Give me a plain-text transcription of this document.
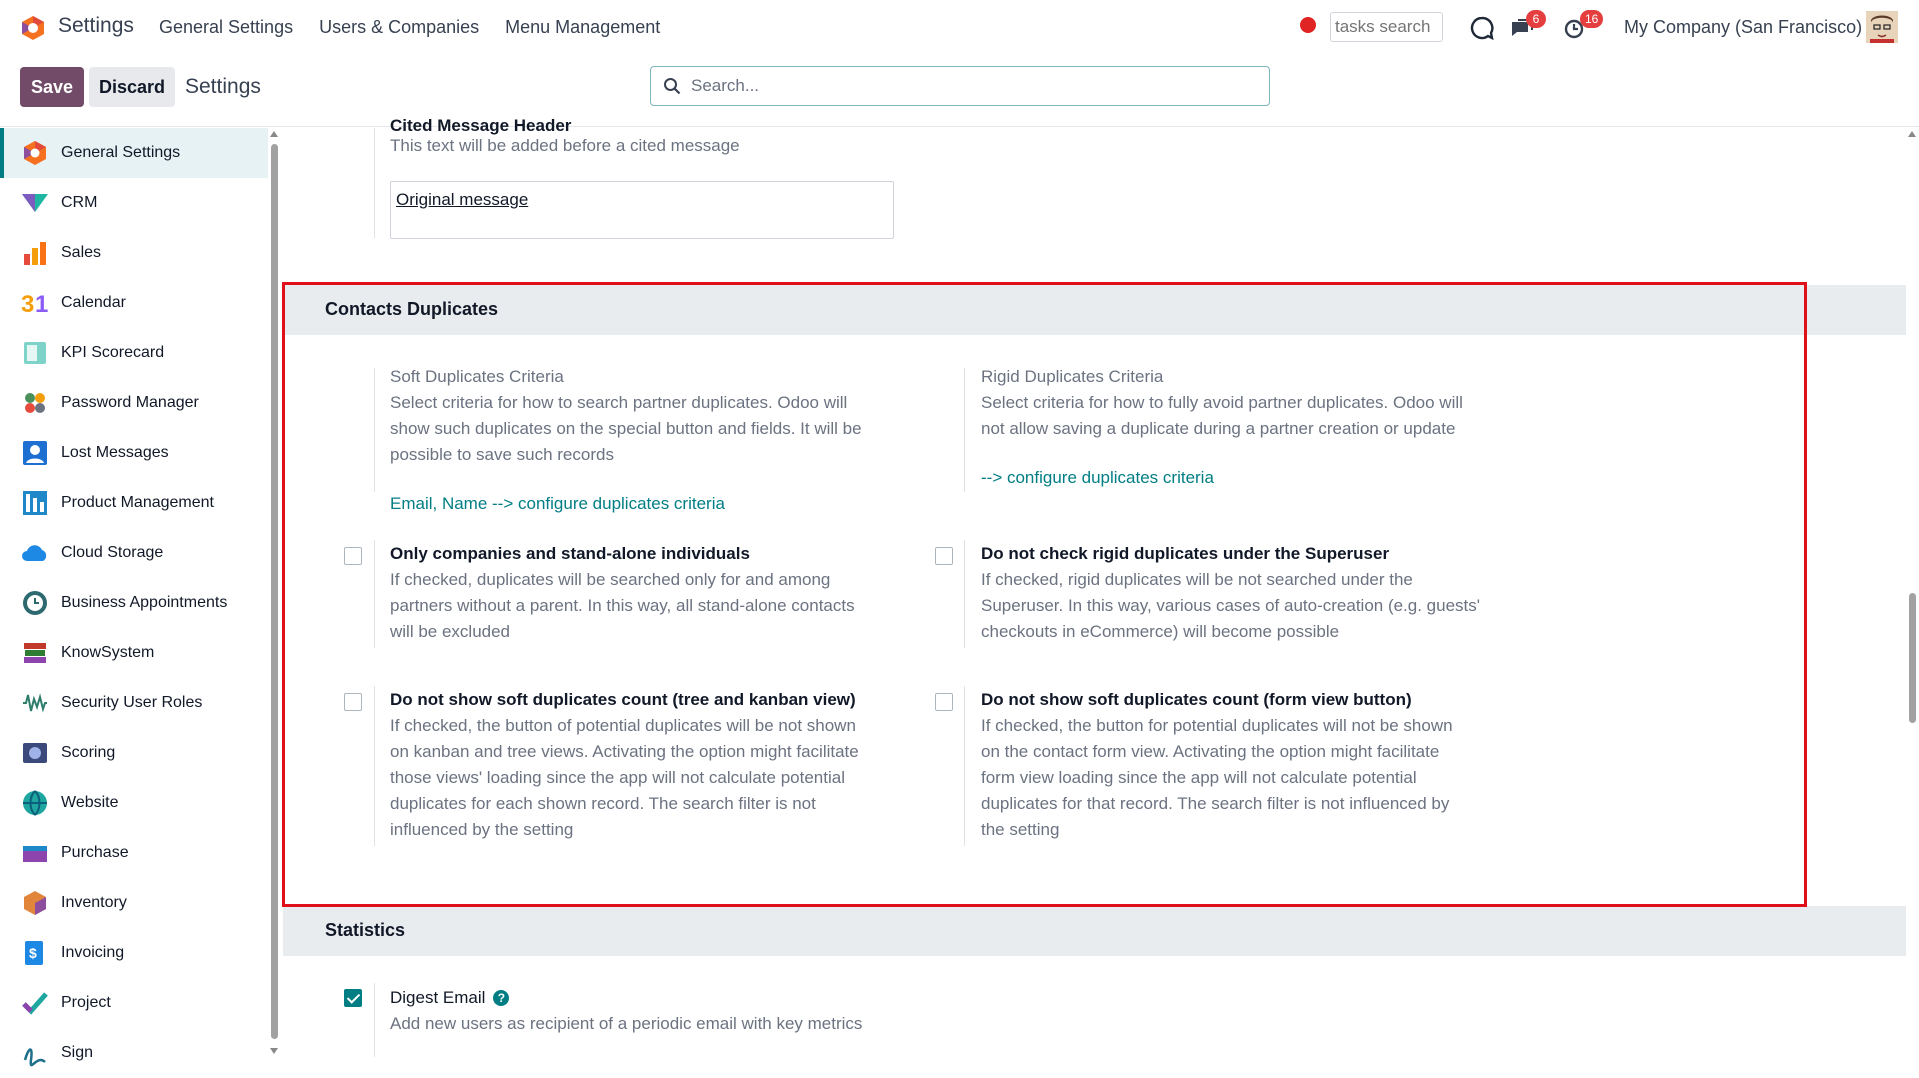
Settings General Settings Users & Companies Menu Management
tasks search	6	16 My Company (San Francisco)
Save	Discard Settings
Search...
General Settings
CRM
Sales
3 1 Calendar
KPI Scorecard
Password Manager
Lost Messages
Product Management
Cloud Storage
Business Appointments
KnowSystem
Security User Roles
Scoring
Website
Purchase
Inventory
$ Invoicing
Project
Sign
Cited Message Header
This text will be added before a cited message
Original message
Contacts Duplicates
Soft Duplicates Criteria
Select criteria for how to search partner duplicates. Odoo will
show such duplicates on the special button and fields. It will be
possible to save such records
Email, Name --> configure duplicates criteria
Rigid Duplicates Criteria
Select criteria for how to fully avoid partner duplicates. Odoo will
not allow saving a duplicate during a partner creation or update
--> configure duplicates criteria
Only companies and stand-alone individuals
If checked, duplicates will be searched only for and among
partners without a parent. In this way, all stand-alone contacts
will be excluded
Do not check rigid duplicates under the Superuser
If checked, rigid duplicates will be not searched under the
Superuser. In this way, various cases of auto-creation (e.g. guests'
checkouts in eCommerce) will become possible
Do not show soft duplicates count (tree and kanban view)
If checked, the button of potential duplicates will be not shown
on kanban and tree views. Activating the option might facilitate
those views' loading since the app will not calculate potential
duplicates for each shown record. The search filter is not
influenced by the setting
Do not show soft duplicates count (form view button)
If checked, the button for potential duplicates will not be shown
on the contact form view. Activating the option might facilitate
form view loading since the app will not calculate potential
duplicates for that record. The search filter is not influenced by
the setting
Statistics
Digest Email ?
Add new users as recipient of a periodic email with key metrics
